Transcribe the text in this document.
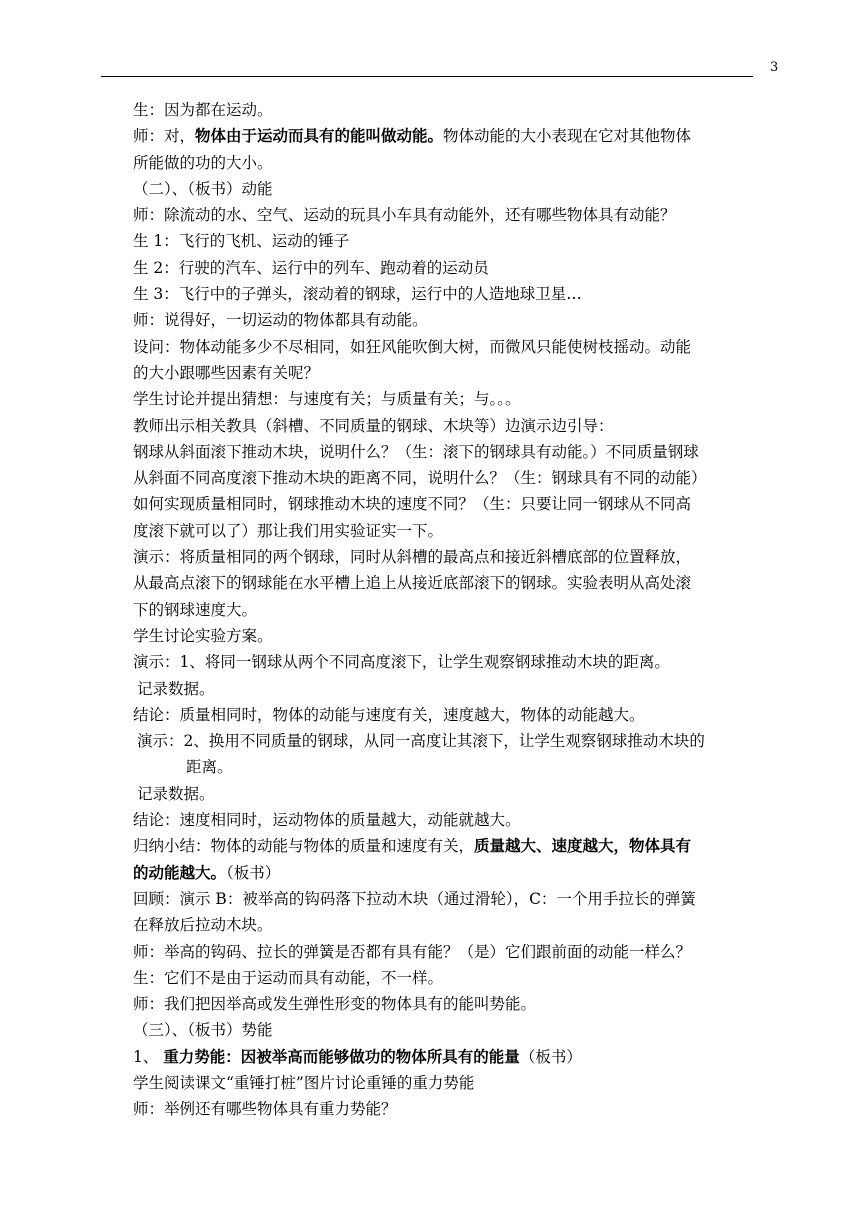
3
生：因为都在运动。
师：对，物体由于运动而具有的能叫做动能。物体动能的大小表现在它对其他物体
所能做的功的大小。
（二）、（板书）动能
师：除流动的水、空气、运动的玩具小车具有动能外，还有哪些物体具有动能？
生 1：飞行的飞机、运动的锤子
生 2：行驶的汽车、运行中的列车、跑动着的运动员
生 3：飞行中的子弹头，滚动着的钢球，运行中的人造地球卫星…
师：说得好，一切运动的物体都具有动能。
设问：物体动能多少不尽相同，如狂风能吹倒大树，而微风只能使树枝摇动。动能
的大小跟哪些因素有关呢？
学生讨论并提出猜想：与速度有关；与质量有关；与。。。
教师出示相关教具（斜槽、不同质量的钢球、木块等）边演示边引导：
钢球从斜面滚下推动木块，说明什么？（生：滚下的钢球具有动能。）不同质量钢球
从斜面不同高度滚下推动木块的距离不同，说明什么？（生：钢球具有不同的动能）
如何实现质量相同时，钢球推动木块的速度不同？（生：只要让同一钢球从不同高
度滚下就可以了）那让我们用实验证实一下。
演示：将质量相同的两个钢球，同时从斜槽的最高点和接近斜槽底部的位置释放，
从最高点滚下的钢球能在水平槽上追上从接近底部滚下的钢球。实验表明从高处滚
下的钢球速度大。
学生讨论实验方案。
演示：1、将同一钢球从两个不同高度滚下，让学生观察钢球推动木块的距离。
记录数据。
结论：质量相同时，物体的动能与速度有关，速度越大，物体的动能越大。
演示：2、换用不同质量的钢球，从同一高度让其滚下，让学生观察钢球推动木块的
距离。
记录数据。
结论：速度相同时，运动物体的质量越大，动能就越大。
归纳小结：物体的动能与物体的质量和速度有关，质量越大、速度越大，物体具有
的动能越大。（板书）
回顾：演示 B：被举高的钩码落下拉动木块（通过滑轮），C：一个用手拉长的弹簧
在释放后拉动木块。
师：举高的钩码、拉长的弹簧是否都有具有能？（是）它们跟前面的动能一样么？
生：它们不是由于运动而具有动能，不一样。
师：我们把因举高或发生弹性形变的物体具有的能叫势能。
（三）、（板书）势能
1、 重力势能：因被举高而能够做功的物体所具有的能量（板书）
学生阅读课文“重锤打桩”图片讨论重锤的重力势能
师：举例还有哪些物体具有重力势能？
